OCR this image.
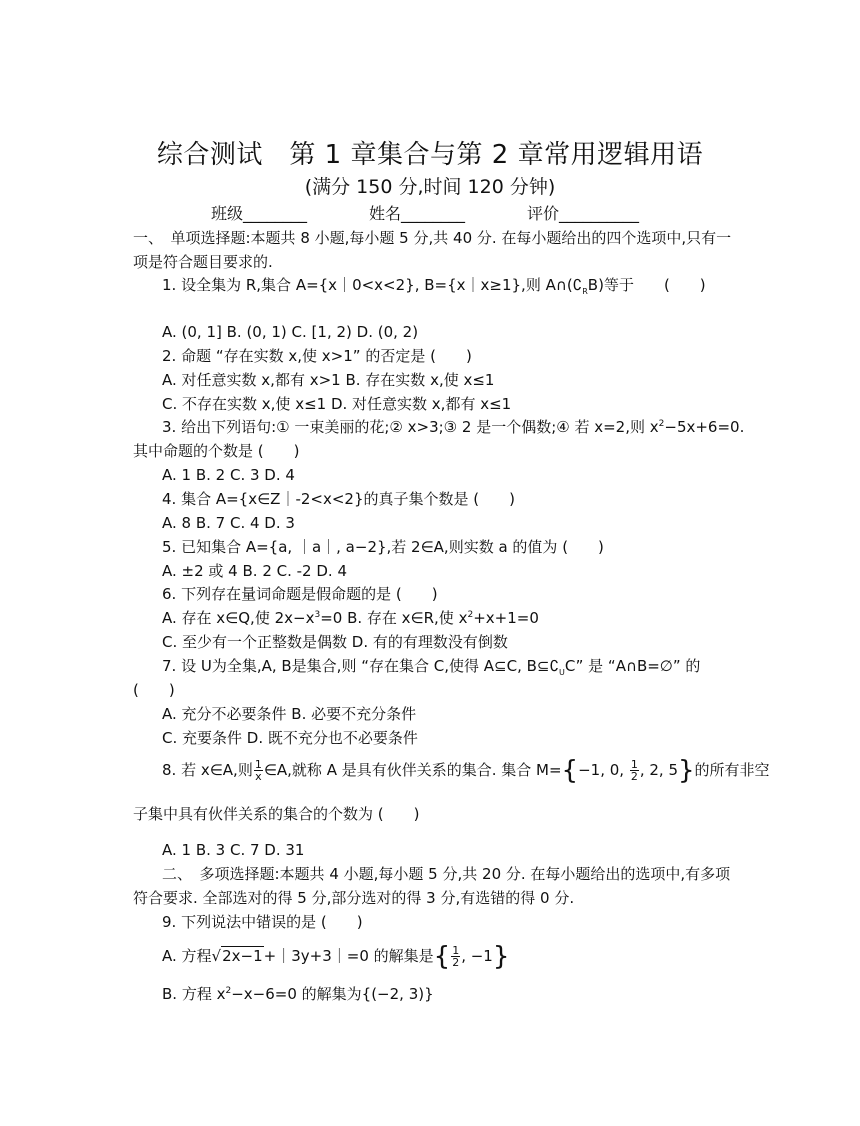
综合测试　第 1 章集合与第 2 章常用逻辑用语
(满分 150 分,时间 120 分钟)
班级________	姓名________	评价__________
一、　单项选择题:本题共 8 小题,每小题 5 分,共 40 分. 在每小题给出的四个选项中,只有一
项是符合题目要求的.
1. 设全集为 R,集合 A={x｜0<x<2}, B={x｜x≥1},则 $A\cap(∁_RB)$等于 (　　)
A. (0, 1] B. (0, 1) C. [1, 2) D. (0, 2)
2. 命题 “存在实数 x,使 x>1” 的否定是 (　　)
A. 对任意实数 x,都有 x>1 B. 存在实数 x,使 x≤1
C. 不存在实数 x,使 x≤1 D. 对任意实数 x,都有 x≤1
3. 给出下列语句:① 一束美丽的花;② x>3;③ 2 是一个偶数;④ 若 x=2,则 $x^2-5x+6=0$.
其中命题的个数是 (　　)
A. 1 B. 2 C. 3 D. 4
4. 集合 A={x∈Z｜-2<x<2}的真子集个数是 (　　)
A. 8 B. 7 C. 4 D. 3
5. 已知集合 A={a, ｜a｜, a−2},若 2∈A,则实数 a 的值为 (　　)
A. ±2 或 4 B. 2 C. -2 D. 4
6. 下列存在量词命题是假命题的是 (　　)
A. 存在 x∈Q,使 $2x-x^3=0$ B. 存在 x∈R,使 $x^2+x+1=0$
C. 至少有一个正整数是偶数 D. 有的有理数没有倒数
7. 设 U为全集,A, B是集合,则 “存在集合 C,使得 A⊆C, $B⊆∁_UC$” 是 “A∩B=∅” 的
(　　)
A. 充分不必要条件 B. 必要不充分条件
C. 充要条件 D. 既不充分也不必要条件
8. 若 x∈A,则 $\frac{1}{x}$ ∈A,就称 A 是具有伙伴关系的集合. 集合 M={−1, 0, $\frac{1}{2}$ , 2, 5}的所有非空
子集中具有伙伴关系的集合的个数为 (　　)
A. 1 B. 3 C. 7 D. 31
二、　多项选择题:本题共 4 小题,每小题 5 分,共 20 分. 在每小题给出的选项中,有多项
符合要求. 全部选对的得 5 分,部分选对的得 3 分,有选错的得 0 分.
9. 下列说法中错误的是 (　　)
A. 方程√2x−1+｜3y+3｜=0 的解集是{ $\frac{1}{2}$ , −1}
B. 方程 $x^2-x-6=0$ 的解集为{(−2, 3)}
